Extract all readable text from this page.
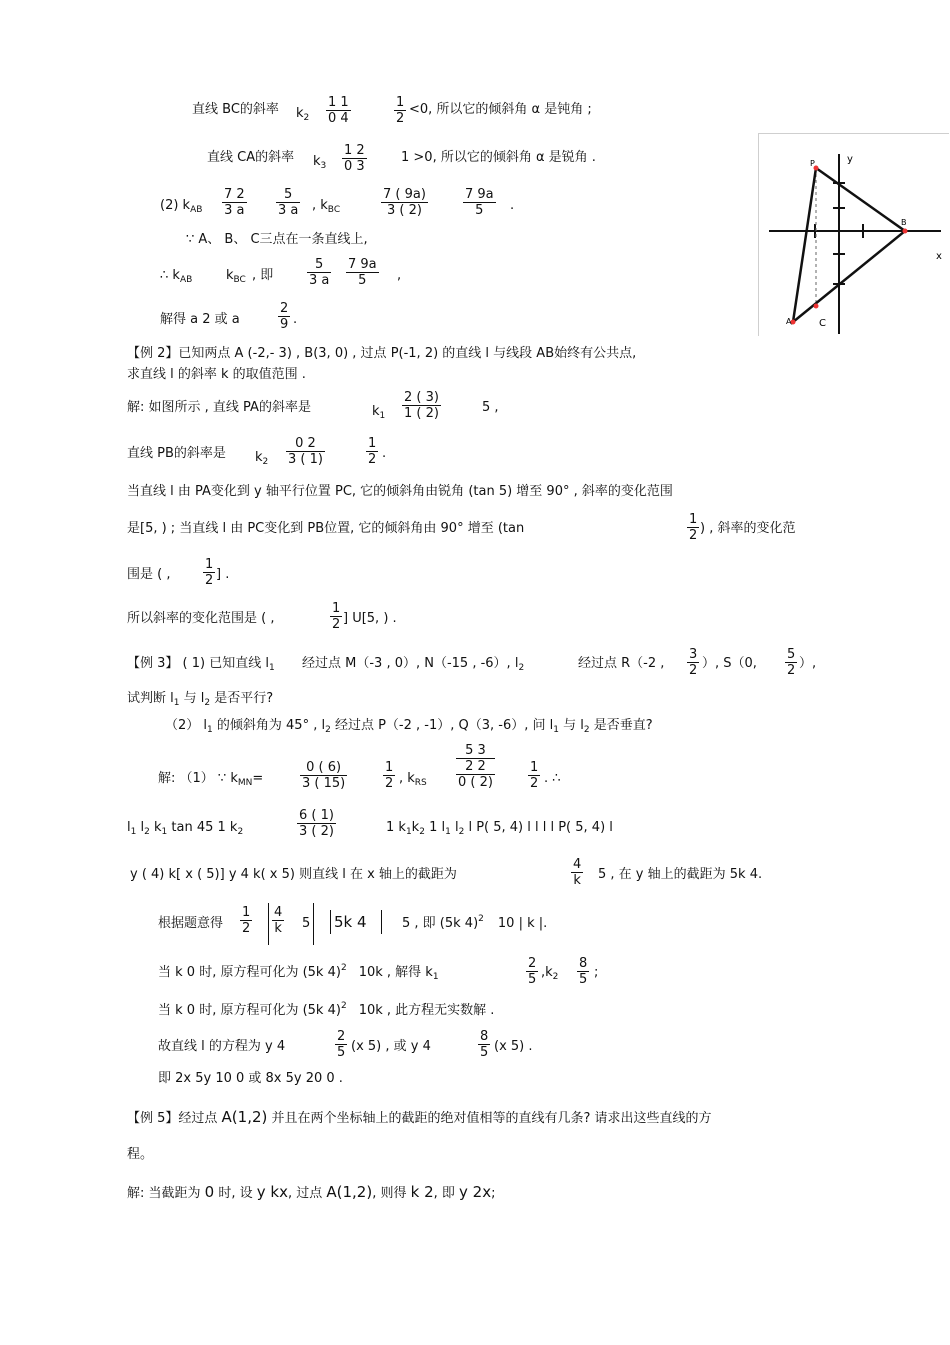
直线 BC的斜率 $k_2$
1 1
0 4
1
2
<0, 所以它的倾斜角 α 是钝角 ;
直线 CA的斜率 $k_3$
1 2
0 3
1 >0, 所以它的倾斜角 α 是锐角 .
(2) $k_{AB}$
7 2
3 a
5
3 a , $k_{BC}$
7 ( 9a)
3 ( 2)
7 9a
5	.
∵ A、 B、 C三点在一条直线上,
∴ $k_{AB}$	$k_{BC}$ , 即
5
3 a
7 9a
5	,
解得 a 2 或 a
2
9 .
P	y
B
x
A	C
【例 2】已知两点 A (-2,- 3) , B(3, 0) , 过点 P(-1, 2) 的直线 l 与线段 AB始终有公共点,
求直线 l 的斜率 k 的取值范围 .
解: 如图所示 , 直线 PA的斜率是	$k_1$
2 ( 3)
1 ( 2)	5 ,
直线 PB的斜率是 $k_2$
0 2
3 ( 1)
1
2 .
当直线 l 由 PA变化到 y 轴平行位置 PC, 它的倾斜角由锐角 (tan 5) 增至 90° , 斜率的变化范围
是[5, ) ; 当直线 l 由 PC变化到 PB位置, 它的倾斜角由 90° 增至 (tan
1
2 ) , 斜率的变化范
围是 ( ,
1
2 ] .
所以斜率的变化范围是 ( ,
1
2 ] U[5, ) .
【例 3】 ( 1) 已知直线 $l_1$ 经过点 M（-3 , 0）, N（-15 , -6）, $l_2$	经过点 R（-2 ,
3
2 ）, S（0,
5
2 ）,
试判断 $l_1$ 与 $l_2$ 是否平行?
（2） $l_1$ 的倾斜角为 45° , $l_2$ 经过点 P（-2 , -1）, Q（3, -6）, 问 $l_1$ 与 $l_2$ 是否垂直?
解: （1） ∵ $k_{MN}=$
0 ( 6)
3 ( 15)
1
2 , $k_{RS}$
5 3
2 2
0 ( 2)
1
2 . ∴
$l_1$ $l_2$ $k_1$ tan 45 1 $k_2$
6 ( 1)
3 ( 2)	1 $k_1k_2$ 1 $l_1$ $l_2$ l P( 5, 4) l l l l P( 5, 4) l
y ( 4) k[ x ( 5)] y 4 k( x 5) 则直线 l 在 x 轴上的截距为
4
k 5 , 在 y 轴上的截距为 5k 4.
根据题意得
1
2
4
k 5 5k 4	5 , 即 (5k 4)$^2$ 10 | k |.
当 k 0 时, 原方程可化为 (5k 4)$^2$ 10k , 解得 $k_1$
2
5 $,k_2$
8
5 ;
当 k 0 时, 原方程可化为 (5k 4)$^2$ 10k , 此方程无实数解 .
故直线 l 的方程为 y 4
2
5 (x 5) , 或 y 4
8
5 (x 5) .
即 2x 5y 10 0 或 8x 5y 20 0 .
【例 5】经过点 A(1,2) 并且在两个坐标轴上的截距的绝对值相等的直线有几条? 请求出这些直线的方
程。
解: 当截距为 0 时, 设 y kx, 过点 A(1,2), 则得 k 2, 即 y 2x;
